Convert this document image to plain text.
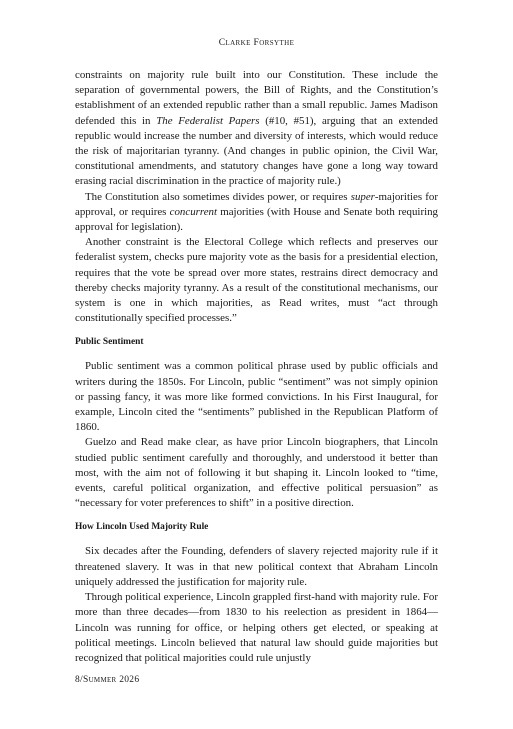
Clarke Forsythe

constraints on majority rule built into our Constitution. These include the separation of governmental powers, the Bill of Rights, and the Constitution’s establishment of an extended republic rather than a small republic. James Madison defended this in The Federalist Papers (#10, #51), arguing that an extended republic would increase the number and diversity of interests, which would reduce the risk of majoritarian tyranny. (And changes in public opinion, the Civil War, constitutional amendments, and statutory changes have gone a long way toward erasing racial discrimination in the practice of majority rule.)

The Constitution also sometimes divides power, or requires super-majorities for approval, or requires concurrent majorities (with House and Senate both requiring approval for legislation).

Another constraint is the Electoral College which reflects and preserves our federalist system, checks pure majority vote as the basis for a presidential election, requires that the vote be spread over more states, restrains direct democracy and thereby checks majority tyranny. As a result of the constitutional mechanisms, our system is one in which majorities, as Read writes, must “act through constitutionally specified processes.”

Public Sentiment

Public sentiment was a common political phrase used by public officials and writers during the 1850s. For Lincoln, public “sentiment” was not simply opinion or passing fancy, it was more like formed convictions. In his First Inaugural, for example, Lincoln cited the “sentiments” published in the Republican Platform of 1860.

Guelzo and Read make clear, as have prior Lincoln biographers, that Lincoln studied public sentiment carefully and thoroughly, and understood it better than most, with the aim not of following it but shaping it. Lincoln looked to “time, events, careful political organization, and effective political persuasion” as “necessary for voter preferences to shift” in a positive direction.

How Lincoln Used Majority Rule

Six decades after the Founding, defenders of slavery rejected majority rule if it threatened slavery. It was in that new political context that Abraham Lincoln uniquely addressed the justification for majority rule.

Through political experience, Lincoln grappled first-hand with majority rule. For more than three decades—from 1830 to his reelection as president in 1864—Lincoln was running for office, or helping others get elected, or speaking at political meetings. Lincoln believed that natural law should guide majorities but recognized that political majorities could rule unjustly

8/Summer 2026
